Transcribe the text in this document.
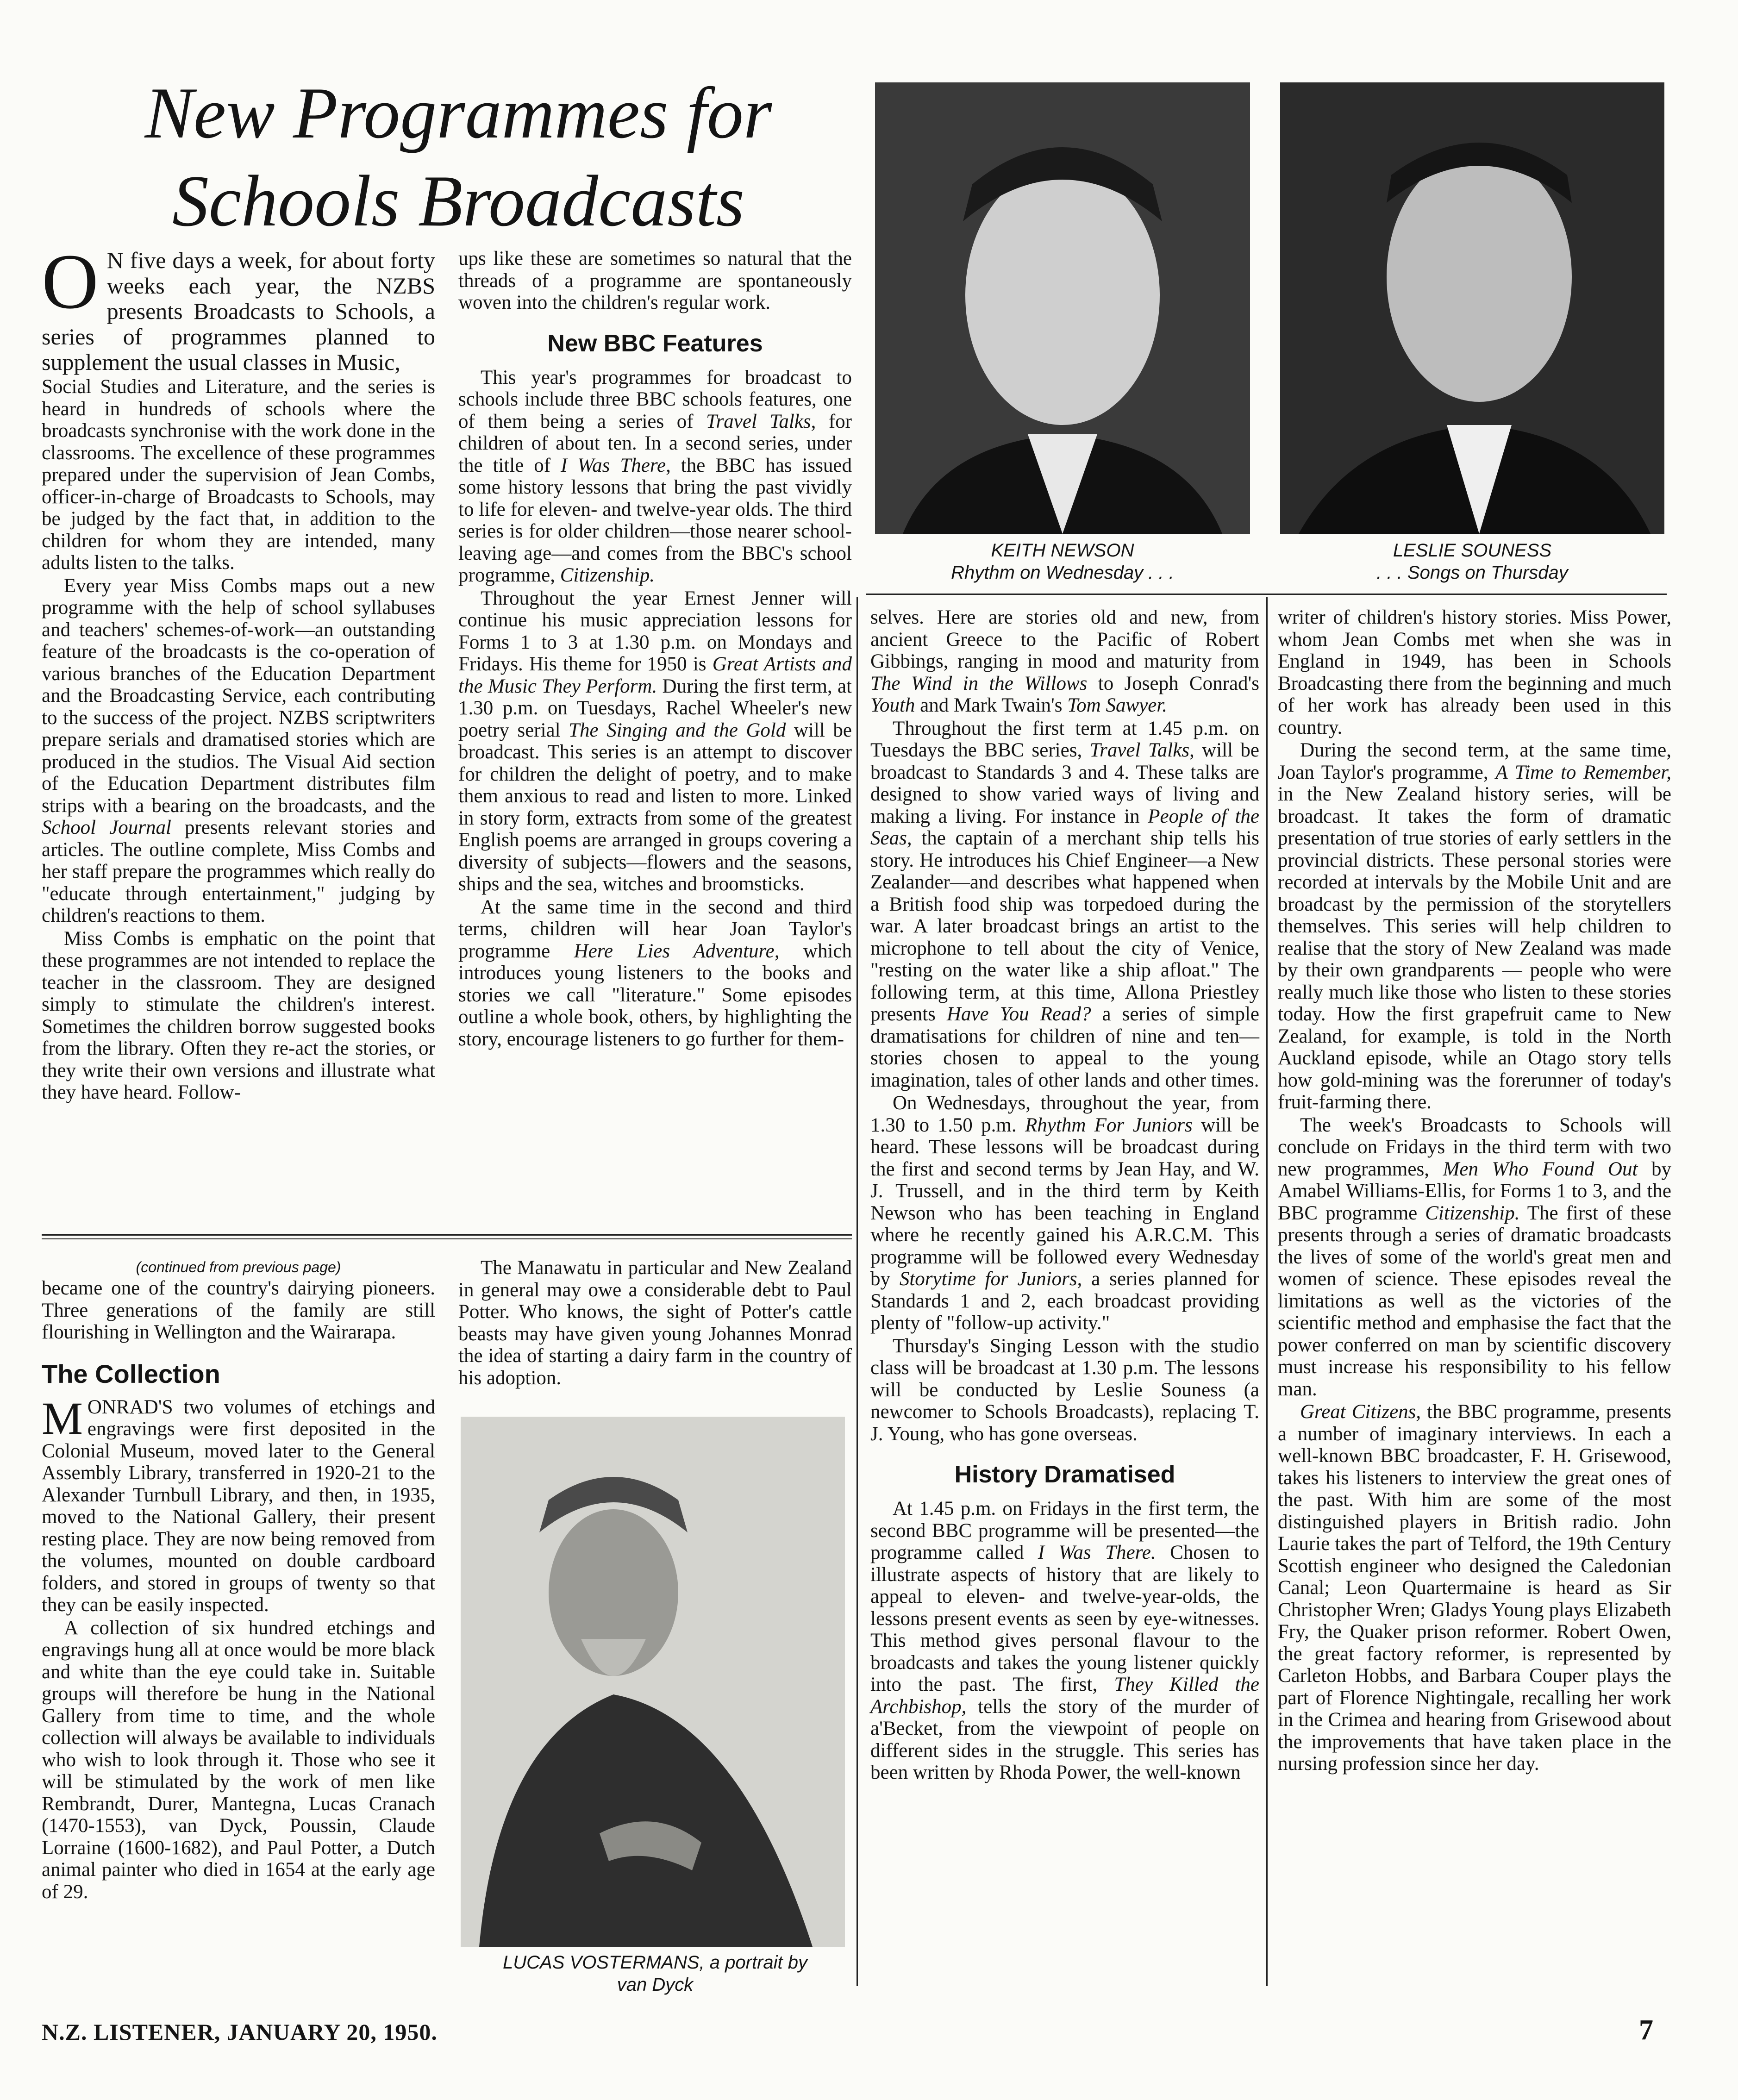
New Programmes for
Schools Broadcasts
KEITH NEWSON
Rhythm on Wednesday . . .
LESLIE SOUNESS
. . . Songs on Thursday

O N five days a week, for about forty weeks each year, the NZBS presents Broadcasts to Schools, a series of programmes planned to supplement the usual classes in Music,

Social Studies and Literature, and the series is heard in hundreds of schools where the broadcasts synchronise with the work done in the classrooms. The excellence of these programmes prepared under the supervision of Jean Combs, officer-in-charge of Broadcasts to Schools, may be judged by the fact that, in addition to the children for whom they are intended, many adults listen to the talks.

Every year Miss Combs maps out a new programme with the help of school syllabuses and teachers' schemes-of-work—an outstanding feature of the broadcasts is the co-operation of various branches of the Education Department and the Broadcasting Service, each contributing to the success of the project. NZBS scriptwriters prepare serials and dramatised stories which are produced in the studios. The Visual Aid section of the Education Department distributes film strips with a bearing on the broadcasts, and the School Journal presents relevant stories and articles. The outline complete, Miss Combs and her staff prepare the programmes which really do "educate through entertainment," judging by children's reactions to them.

Miss Combs is emphatic on the point that these programmes are not intended to replace the teacher in the classroom. They are designed simply to stimulate the children's interest. Sometimes the children borrow suggested books from the library. Often they re-act the stories, or they write their own versions and illustrate what they have heard. Follow-

ups like these are sometimes so natural that the threads of a programme are spontaneously woven into the children's regular work.

New BBC Features

This year's programmes for broadcast to schools include three BBC schools features, one of them being a series of Travel Talks, for children of about ten. In a second series, under the title of I Was There, the BBC has issued some history lessons that bring the past vividly to life for eleven- and twelve-year olds. The third series is for older children—those nearer school-leaving age—and comes from the BBC's school programme, Citizenship.

Throughout the year Ernest Jenner will continue his music appreciation lessons for Forms 1 to 3 at 1.30 p.m. on Mondays and Fridays. His theme for 1950 is Great Artists and the Music They Perform. During the first term, at 1.30 p.m. on Tuesdays, Rachel Wheeler's new poetry serial The Singing and the Gold will be broadcast. This series is an attempt to discover for children the delight of poetry, and to make them anxious to read and listen to more. Linked in story form, extracts from some of the greatest English poems are arranged in groups covering a diversity of subjects—flowers and the seasons, ships and the sea, witches and broomsticks.

At the same time in the second and third terms, children will hear Joan Taylor's programme Here Lies Adventure, which introduces young listeners to the books and stories we call "literature." Some episodes outline a whole book, others, by highlighting the story, encourage listeners to go further for them-

selves. Here are stories old and new, from ancient Greece to the Pacific of Robert Gibbings, ranging in mood and maturity from The Wind in the Willows to Joseph Conrad's Youth and Mark Twain's Tom Sawyer.

Throughout the first term at 1.45 p.m. on Tuesdays the BBC series, Travel Talks, will be broadcast to Standards 3 and 4. These talks are designed to show varied ways of living and making a living. For instance in People of the Seas, the captain of a merchant ship tells his story. He introduces his Chief Engineer—a New Zealander—and describes what happened when a British food ship was torpedoed during the war. A later broadcast brings an artist to the microphone to tell about the city of Venice, "resting on the water like a ship afloat." The following term, at this time, Allona Priestley presents Have You Read? a series of simple dramatisations for children of nine and ten—stories chosen to appeal to the young imagination, tales of other lands and other times.

On Wednesdays, throughout the year, from 1.30 to 1.50 p.m. Rhythm For Juniors will be heard. These lessons will be broadcast during the first and second terms by Jean Hay, and W. J. Trussell, and in the third term by Keith Newson who has been teaching in England where he recently gained his A.R.C.M. This programme will be followed every Wednesday by Storytime for Juniors, a series planned for Standards 1 and 2, each broadcast providing plenty of "follow-up activity."

Thursday's Singing Lesson with the studio class will be broadcast at 1.30 p.m. The lessons will be conducted by Leslie Souness (a newcomer to Schools Broadcasts), replacing T. J. Young, who has gone overseas.

History Dramatised

At 1.45 p.m. on Fridays in the first term, the second BBC programme will be presented—the programme called I Was There. Chosen to illustrate aspects of history that are likely to appeal to eleven- and twelve-year-olds, the lessons present events as seen by eye-witnesses. This method gives personal flavour to the broadcasts and takes the young listener quickly into the past. The first, They Killed the Archbishop, tells the story of the murder of a'Becket, from the viewpoint of people on different sides in the struggle. This series has been written by Rhoda Power, the well-known

writer of children's history stories. Miss Power, whom Jean Combs met when she was in England in 1949, has been in Schools Broadcasting there from the beginning and much of her work has already been used in this country.

During the second term, at the same time, Joan Taylor's programme, A Time to Remember, in the New Zealand history series, will be broadcast. It takes the form of dramatic presentation of true stories of early settlers in the provincial districts. These personal stories were recorded at intervals by the Mobile Unit and are broadcast by the permission of the storytellers themselves. This series will help children to realise that the story of New Zealand was made by their own grandparents — people who were really much like those who listen to these stories today. How the first grapefruit came to New Zealand, for example, is told in the North Auckland episode, while an Otago story tells how gold-mining was the forerunner of today's fruit-farming there.

The week's Broadcasts to Schools will conclude on Fridays in the third term with two new programmes, Men Who Found Out by Amabel Williams-Ellis, for Forms 1 to 3, and the BBC programme Citizenship. The first of these presents through a series of dramatic broadcasts the lives of some of the world's great men and women of science. These episodes reveal the limitations as well as the victories of the scientific method and emphasise the fact that the power conferred on man by scientific discovery must increase his responsibility to his fellow man.

Great Citizens, the BBC programme, presents a number of imaginary interviews. In each a well-known BBC broadcaster, F. H. Grisewood, takes his listeners to interview the great ones of the past. With him are some of the most distinguished players in British radio. John Laurie takes the part of Telford, the 19th Century Scottish engineer who designed the Caledonian Canal; Leon Quartermaine is heard as Sir Christopher Wren; Gladys Young plays Elizabeth Fry, the Quaker prison reformer. Robert Owen, the great factory reformer, is represented by Carleton Hobbs, and Barbara Couper plays the part of Florence Nightingale, recalling her work in the Crimea and hearing from Grisewood about the improvements that have taken place in the nursing profession since her day.

(continued from previous page)

became one of the country's dairying pioneers. Three generations of the family are still flourishing in Wellington and the Wairarapa.

The Collection

MONRAD'S two volumes of etchings and engravings were first deposited in the Colonial Museum, moved later to the General Assembly Library, transferred in 1920-21 to the Alexander Turnbull Library, and then, in 1935, moved to the National Gallery, their present resting place. They are now being removed from the volumes, mounted on double cardboard folders, and stored in groups of twenty so that they can be easily inspected.

A collection of six hundred etchings and engravings hung all at once would be more black and white than the eye could take in. Suitable groups will therefore be hung in the National Gallery from time to time, and the whole collection will always be available to individuals who wish to look through it. Those who see it will be stimulated by the work of men like Rembrandt, Durer, Mantegna, Lucas Cranach (1470-1553), van Dyck, Poussin, Claude Lorraine (1600-1682), and Paul Potter, a Dutch animal painter who died in 1654 at the early age of 29.

The Manawatu in particular and New Zealand in general may owe a considerable debt to Paul Potter. Who knows, the sight of Potter's cattle beasts may have given young Johannes Monrad the idea of starting a dairy farm in the country of his adoption.

LUCAS VOSTERMANS, a portrait by
van Dyck
N.Z. LISTENER, JANUARY 20, 1950.	7
